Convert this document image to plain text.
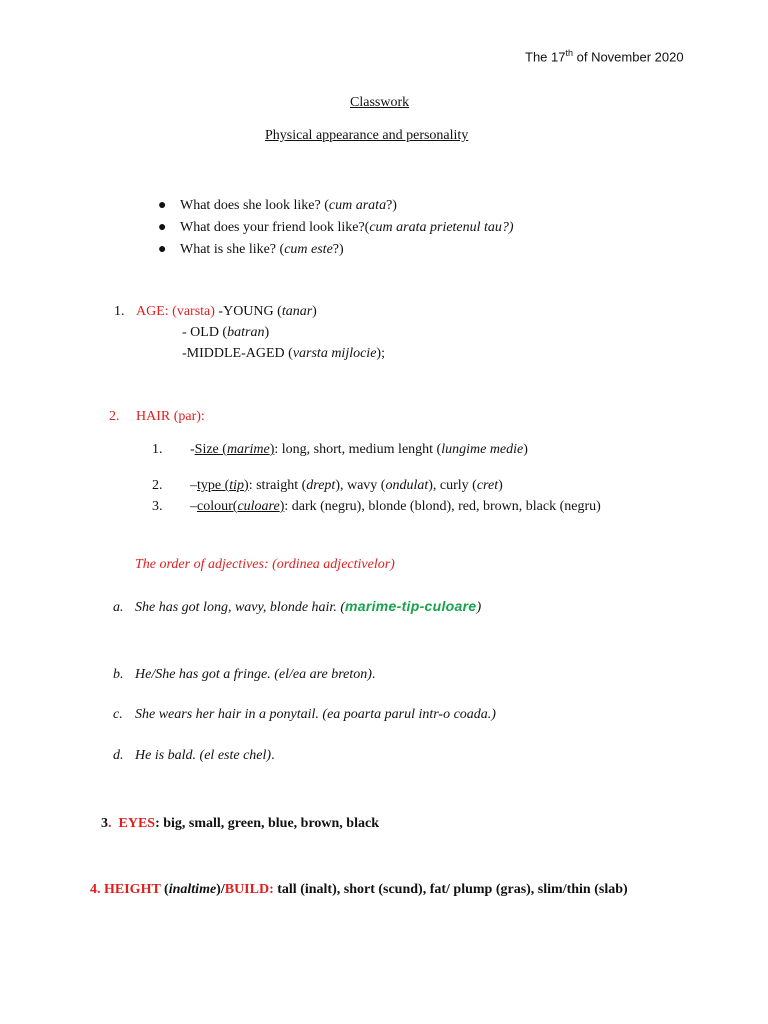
The 17th of November 2020
Classwork
Physical appearance and personality
● What does she look like? (cum arata?)
● What does your friend look like?(cum arata prietenul tau?)
● What is she like? (cum este?)
1. AGE: (varsta) -YOUNG (tanar)
- OLD (batran)
-MIDDLE-AGED (varsta mijlocie);
2. HAIR (par):
1. -Size (marime): long, short, medium lenght (lungime medie)
2. –type (tip): straight (drept), wavy (ondulat), curly (cret)
3. –colour(culoare): dark (negru), blonde (blond), red, brown, black (negru)
The order of adjectives: (ordinea adjectivelor)
a. She has got long, wavy, blonde hair. (marime-tip-culoare)
b. He/She has got a fringe. (el/ea are breton).
c. She wears her hair in a ponytail. (ea poarta parul intr-o coada.)
d. He is bald. (el este chel).
3. EYES: big, small, green, blue, brown, black
4. HEIGHT (inaltime)/BUILD: tall (inalt), short (scund), fat/ plump (gras), slim/thin (slab)
